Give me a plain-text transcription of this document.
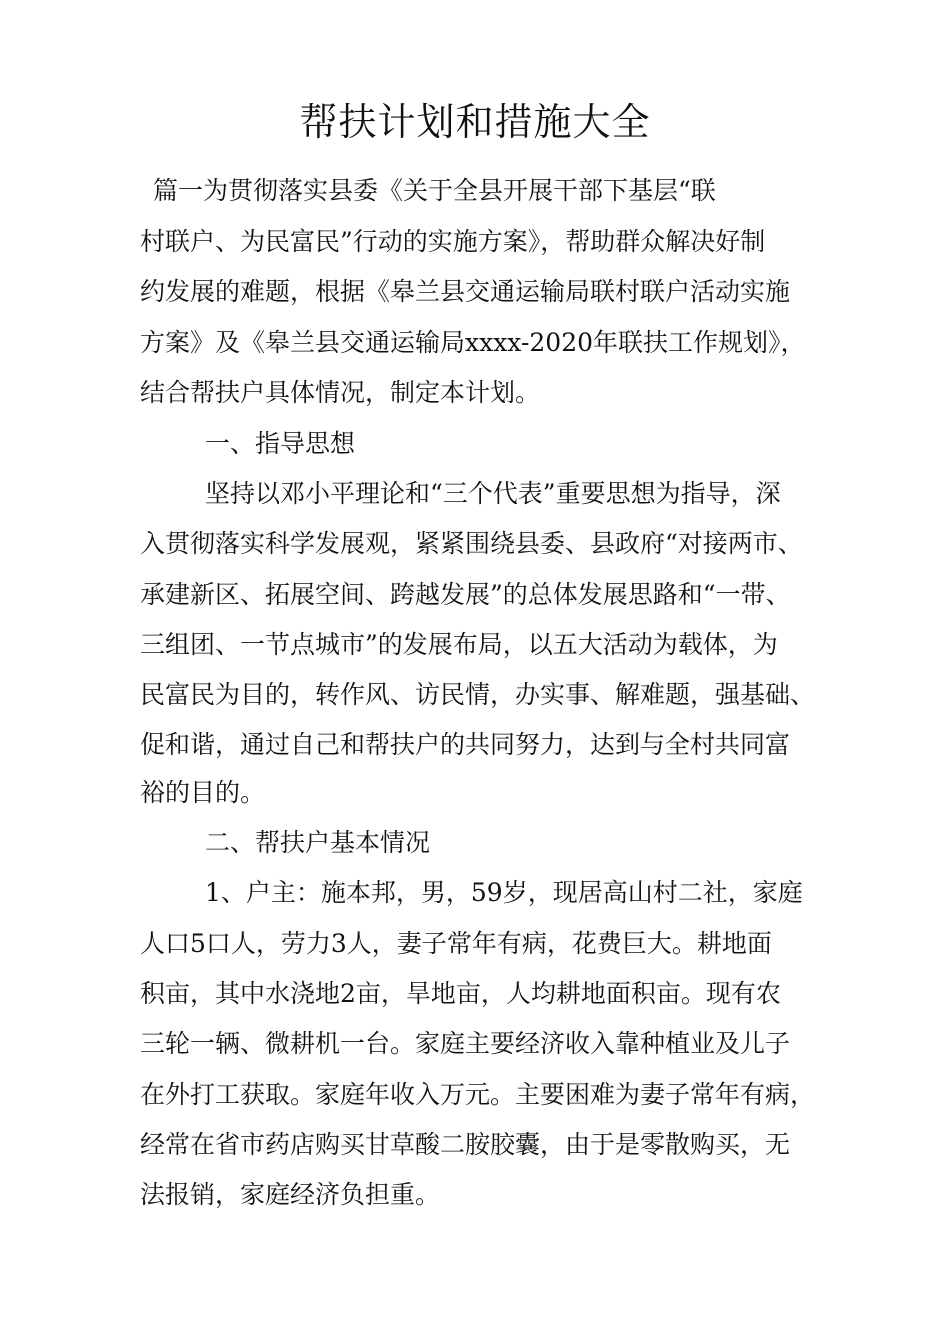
帮扶计划和措施大全

篇一为贯彻落实县委《关于全县开展干部下基层“联

村联户、为民富民”行动的实施方案》，帮助群众解决好制

约发展的难题，根据《皋兰县交通运输局联村联户活动实施

方案》及《皋兰县交通运输局xxxx-2020年联扶工作规划》，

结合帮扶户具体情况，制定本计划。

一、指导思想

坚持以邓小平理论和“三个代表”重要思想为指导，深

入贯彻落实科学发展观，紧紧围绕县委、县政府“对接两市、

承建新区、拓展空间、跨越发展”的总体发展思路和“一带、

三组团、一节点城市”的发展布局，以五大活动为载体，为

民富民为目的，转作风、访民情，办实事、解难题，强基础、

促和谐，通过自己和帮扶户的共同努力，达到与全村共同富

裕的目的。

二、帮扶户基本情况

1、户主：施本邦，男，59岁，现居高山村二社，家庭

人口5口人，劳力3人，妻子常年有病，花费巨大。耕地面

积亩，其中水浇地2亩，旱地亩，人均耕地面积亩。现有农

三轮一辆、微耕机一台。家庭主要经济收入靠种植业及儿子

在外打工获取。家庭年收入万元。主要困难为妻子常年有病，

经常在省市药店购买甘草酸二胺胶囊，由于是零散购买，无

法报销，家庭经济负担重。
